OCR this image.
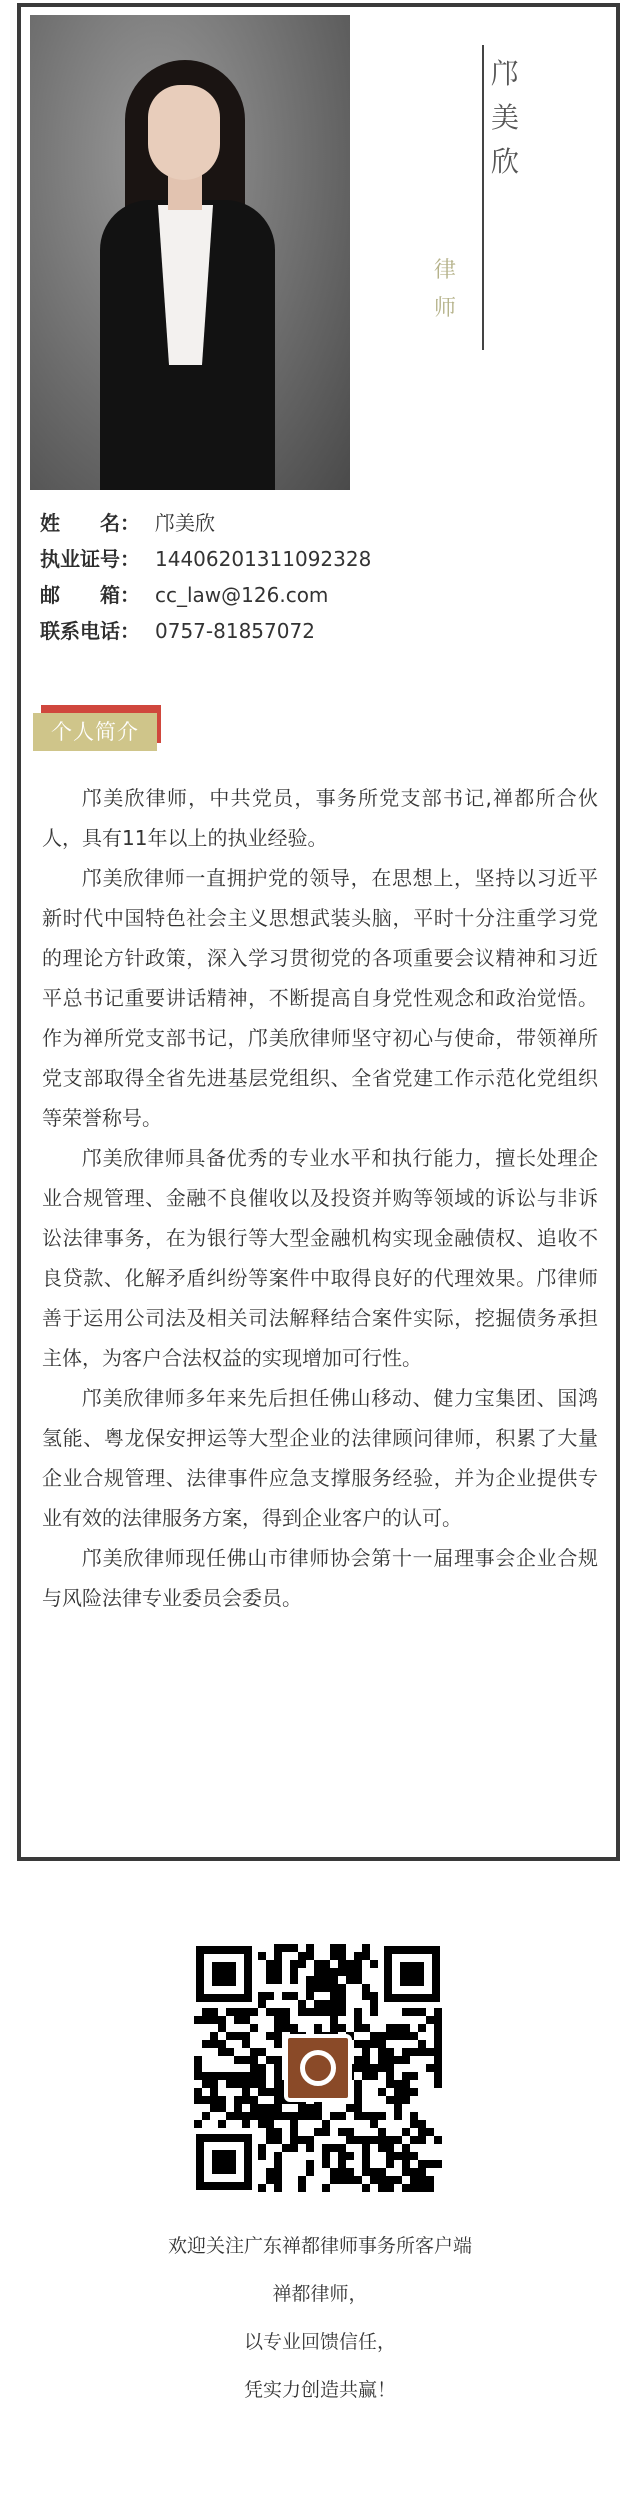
邝
美
欣
律
师
姓　　名： 邝美欣
执业证号： 14406201311092328
邮　　箱： cc_law@126.com
联系电话： 0757-81857072
个人简介

邝美欣律师，中共党员，事务所党支部书记,禅都所合伙人，具有11年以上的执业经验。

邝美欣律师一直拥护党的领导，在思想上，坚持以习近平新时代中国特色社会主义思想武装头脑，平时十分注重学习党的理论方针政策，深入学习贯彻党的各项重要会议精神和习近平总书记重要讲话精神，不断提高自身党性观念和政治觉悟。作为禅所党支部书记，邝美欣律师坚守初心与使命，带领禅所党支部取得全省先进基层党组织、全省党建工作示范化党组织等荣誉称号。

邝美欣律师具备优秀的专业水平和执行能力，擅长处理企业合规管理、金融不良催收以及投资并购等领域的诉讼与非诉讼法律事务，在为银行等大型金融机构实现金融债权、追收不良贷款、化解矛盾纠纷等案件中取得良好的代理效果。邝律师善于运用公司法及相关司法解释结合案件实际，挖掘债务承担主体，为客户合法权益的实现增加可行性。

邝美欣律师多年来先后担任佛山移动、健力宝集团、国鸿氢能、粤龙保安押运等大型企业的法律顾问律师，积累了大量企业合规管理、法律事件应急支撑服务经验，并为企业提供专业有效的法律服务方案，得到企业客户的认可。

邝美欣律师现任佛山市律师协会第十一届理事会企业合规与风险法律专业委员会委员。

欢迎关注广东禅都律师事务所客户端
禅都律师，
以专业回馈信任，
凭实力创造共赢！
